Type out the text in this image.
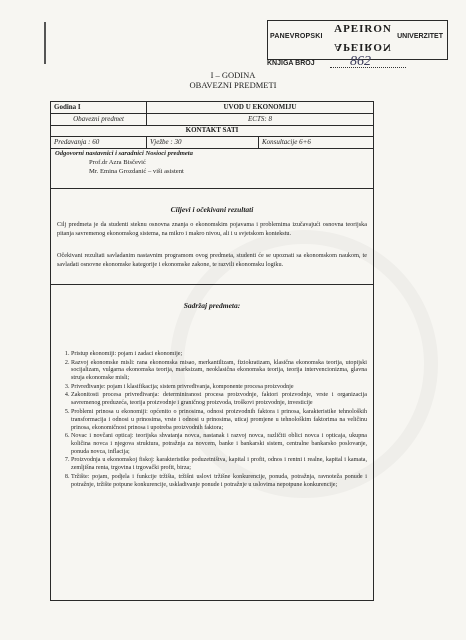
PANEVROPSKI
APEIRON
APEIRON
UNIVERZITET
KNJIGA BROJ	862
I – GODINA
OBAVEZNI PREDMETI
Godina I	UVOD U EKONOMIJU
Obavezni predmet	ECTS: 8
KONTAKT SATI
Predavanja : 60	Vježbe : 30	Konsultacije 6+6
Odgovorni nastavnici i saradnici Nosioci predmeta
Prof.dr Azra Bisčević
Mr. Emina Grozdanić – viši asistent
Ciljevi i očekivani rezultati
Cilj predmeta je da studenti steknu osnovna znanja o ekonomskim pojavama i problemima izučavajući osnovna teorijska pitanja savremenog ekonomskog sistema, na mikro i makro nivou, ali i u svjetskom kontekstu.
Očekivani rezultati savladanim nastavnim programom ovog predmeta, studenti će se upoznati sa ekonomskom naukom, te savladati osnovne ekonomske kategorije i ekonomske zakone, te razvili ekonomsku logiku.
Sadržaj predmeta:
1. Pristup ekonomiji: pojam i zadaci ekonomije;
2. Razvoj ekonomske misli: rana ekonomska misao, merkantilizam, fiziokratizam, klasična ekonomska teorija, utopijski socijalizam, vulgarna ekonomska teorija, marksizam, neoklasična ekonomska teorija, teorija intervencionizma, glavna struja ekonomske misli;
3. Privređivanje: pojam i klasifikacija; sistem privređivanja, komponente procesa proizvodnje
4. Zakonitosti procesa privređivanja: determiniranost procesa proizvodnje, faktori proizvodnje, vrste i organizacija savremenog preduzeća, teorija proizvodnje i graničnog proizvoda, troškovi proizvodnje, investicije
5. Problemi prinosa u ekonomiji: općenito o prinosima, odnosi proizvodnih faktora i prinosa, karakteristike tehnoloških transformacija i odnosi u prinosima, vrste i odnosi u prinosima, uticaj promjene u tehnološkim faktorima na veličinu prinosa, ekonomičnost prinosa i upotreba proizvodnih faktora;
6. Novac i novčani opticaj: teorijska shvatanja novca, nastanak i razvoj novca, različiti oblici novca i opticaja, ukupna količina novca i njegova struktura, potražnja za novcem, banke i bankarski sistem, centralne bankarsko poslovanje, ponuda novca, inflacija;
7. Proizvodnja u ekonomskoj fiskoj: karakteristike poduzetništva, kapital i profit, odnos i rentni i realne, kapital i kamata, zemljišna renta, trgovina i trgovački profit, birza;
8. Tržište: pojam, podjela i funkcije tržišta, tržišni uslovi tržišne konkurencije, ponuda, potražnja, ravnoteža ponude i potražnje, tržište potpune konkurencije, uskladivanje ponude i potražnje u uslovima nepotpune konkurencije;
